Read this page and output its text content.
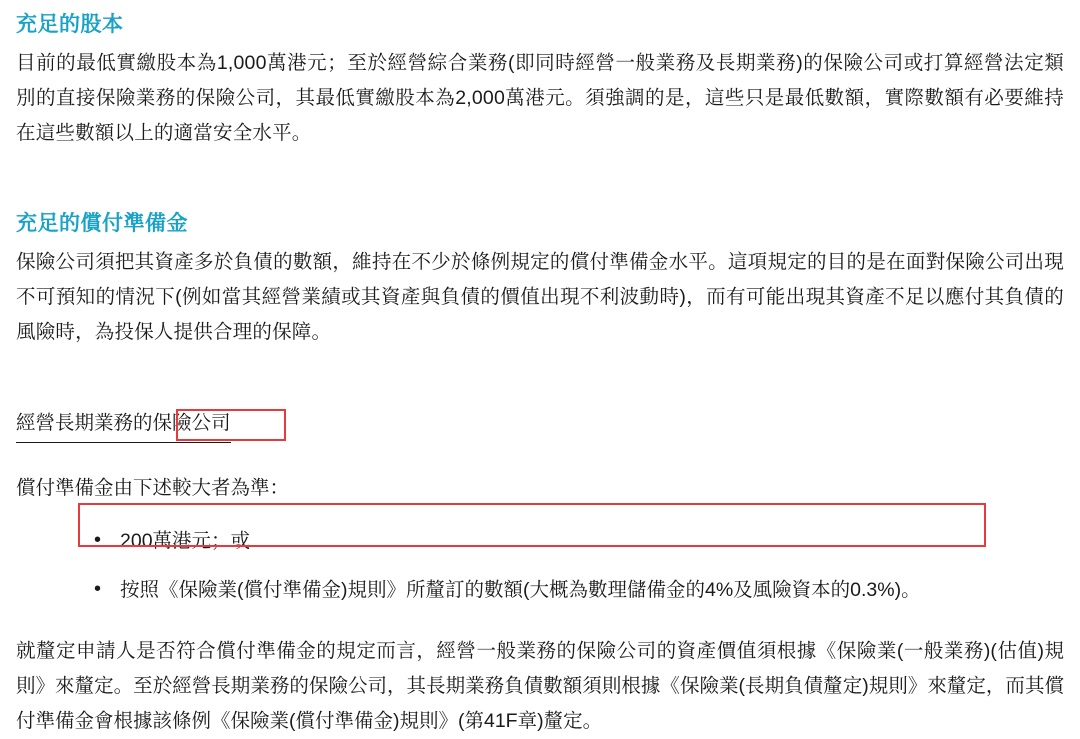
充足的股本

目前的最低實繳股本為1,000萬港元；至於經營綜合業務(即同時經營一般業務及長期業務)的保險公司或打算經營法定類別的直接保險業務的保險公司，其最低實繳股本為2,000萬港元。須強調的是，這些只是最低數額，實際數額有必要維持在這些數額以上的適當安全水平。

充足的償付準備金

保險公司須把其資產多於負債的數額，維持在不少於條例規定的償付準備金水平。這項規定的目的是在面對保險公司出現不可預知的情況下(例如當其經營業績或其資產與負債的價值出現不利波動時)，而有可能出現其資產不足以應付其負債的風險時，為投保人提供合理的保障。

經營長期業務的保險公司
償付準備金由下述較大者為準：
• 200萬港元；或
• 按照《保險業(償付準備金)規則》所釐訂的數額(大概為數理儲備金的4%及風險資本的0.3%)。

就釐定申請人是否符合償付準備金的規定而言，經營一般業務的保險公司的資產價值須根據《保險業(一般業務)(估值)規則》來釐定。至於經營長期業務的保險公司，其長期業務負債數額須則根據《保險業(長期負債釐定)規則》來釐定，而其償付準備金會根據該條例《保險業(償付準備金)規則》(第41F章)釐定。
